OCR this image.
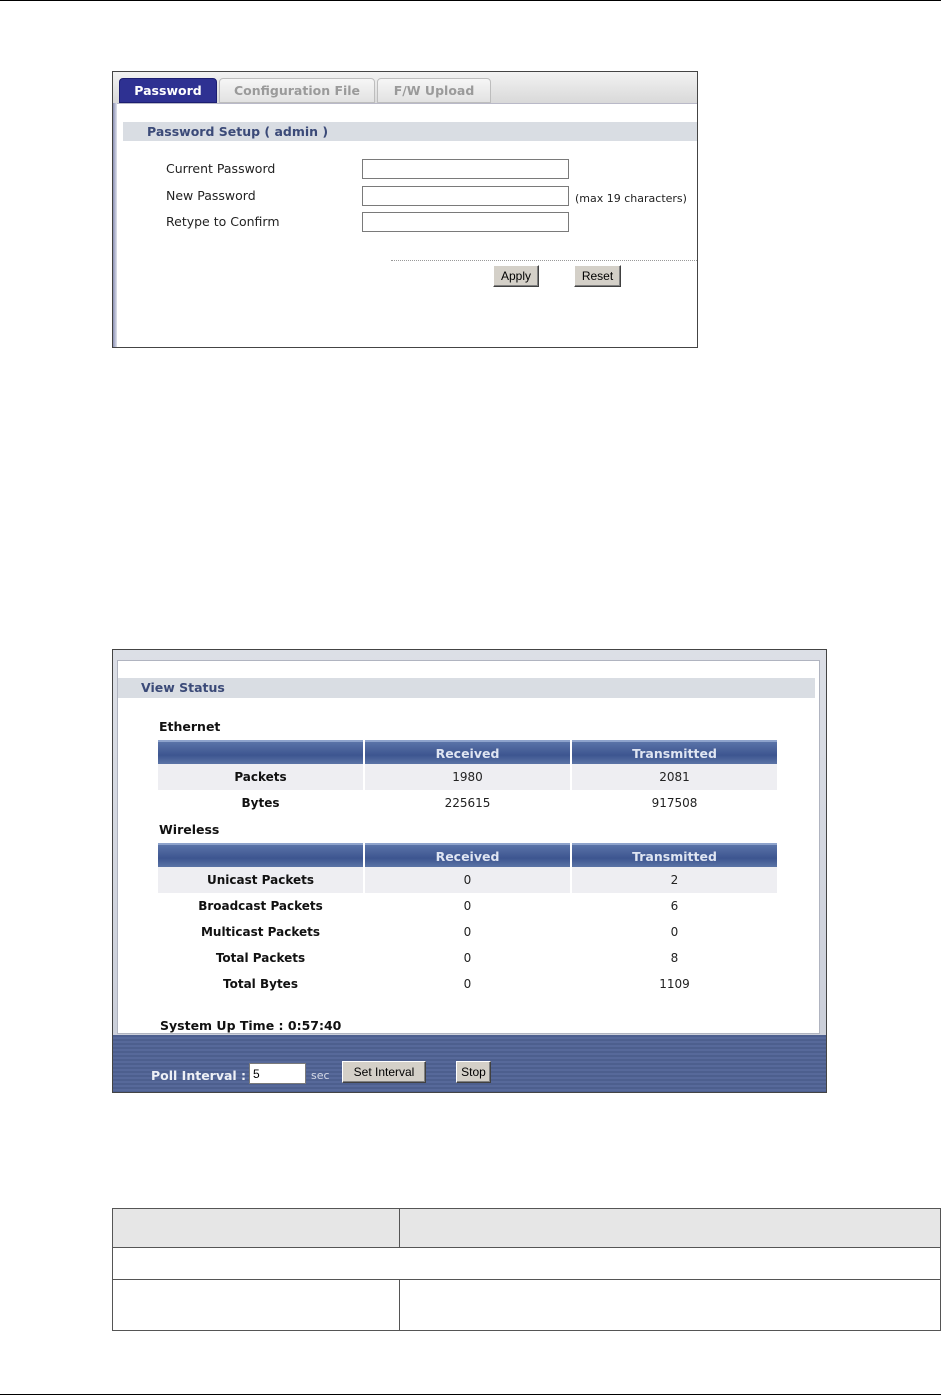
Password	Configuration File	F/W Upload
Password Setup ( admin )
Current Password
New Password	(max 19 characters)
Retype to Confirm
Apply	Reset
View Status
Ethernet
	Received	Transmitted
Packets	1980	2081
Bytes	225615	917508
Wireless
	Received	Transmitted
Unicast Packets	0	2
Broadcast Packets	0	6
Multicast Packets	0	0
Total Packets	0	8
Total Bytes	0	1109
System Up Time : 0:57:40
Poll Interval :
5	sec	Set Interval	Stop
